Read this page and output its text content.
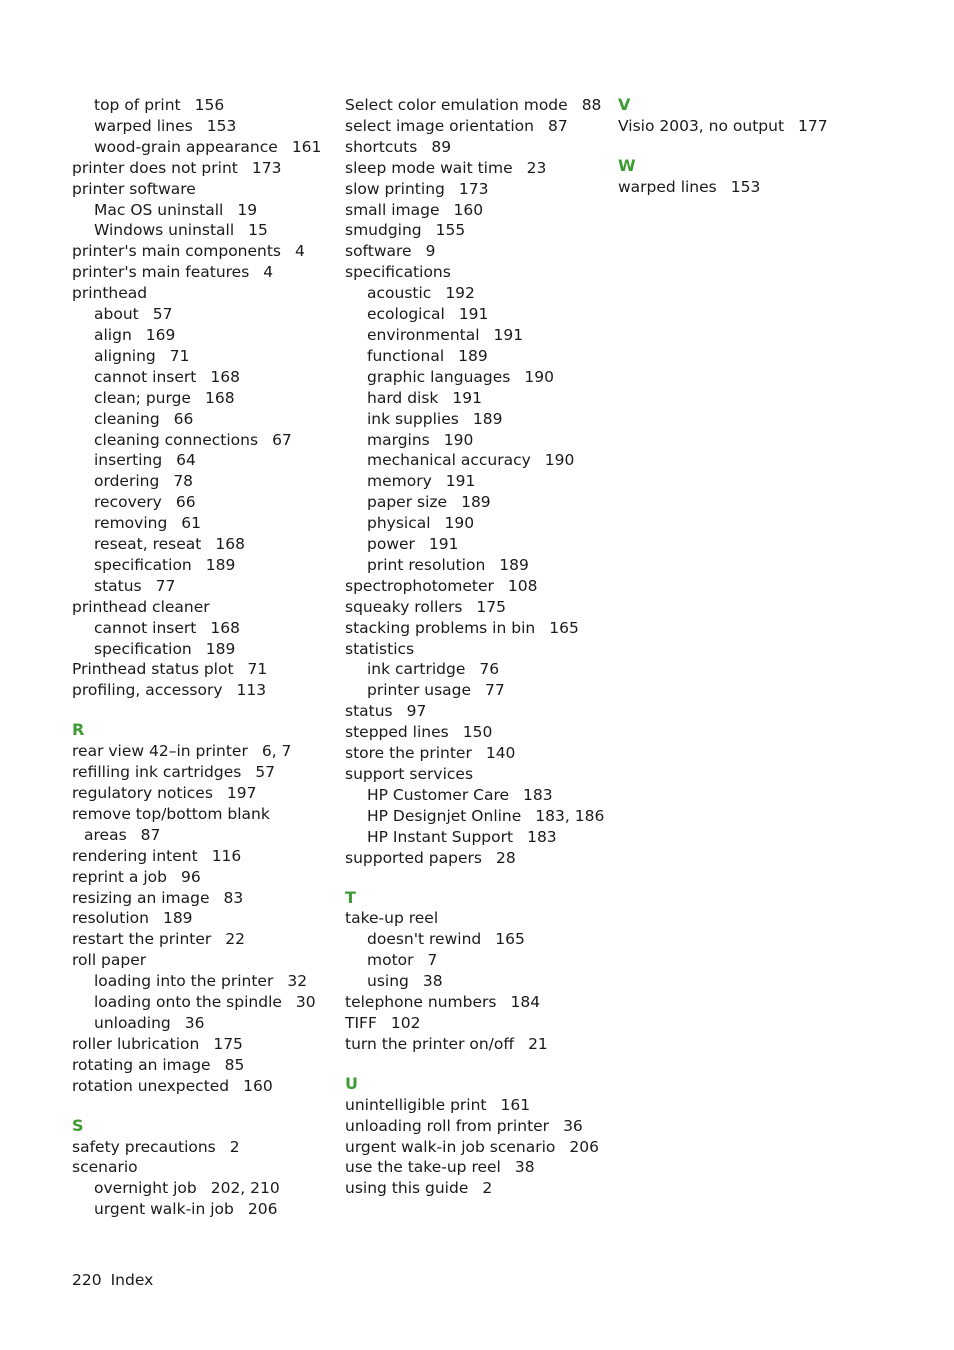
top of print 156
warped lines 153
wood-grain appearance 161
printer does not print 173
printer software
Mac OS uninstall 19
Windows uninstall 15
printer's main components 4
printer's main features 4
printhead
about 57
align 169
aligning 71
cannot insert 168
clean; purge 168
cleaning 66
cleaning connections 67
inserting 64
ordering 78
recovery 66
removing 61
reseat, reseat 168
specification 189
status 77
printhead cleaner
cannot insert 168
specification 189
Printhead status plot 71
profiling, accessory 113
R
rear view 42–in printer 6, 7
refilling ink cartridges 57
regulatory notices 197
remove top/bottom blank areas 87
rendering intent 116
reprint a job 96
resizing an image 83
resolution 189
restart the printer 22
roll paper
loading into the printer 32
loading onto the spindle 30
unloading 36
roller lubrication 175
rotating an image 85
rotation unexpected 160
S
safety precautions 2
scenario
overnight job 202, 210
urgent walk-in job 206
Select color emulation mode 88
select image orientation 87
shortcuts 89
sleep mode wait time 23
slow printing 173
small image 160
smudging 155
software 9
specifications
acoustic 192
ecological 191
environmental 191
functional 189
graphic languages 190
hard disk 191
ink supplies 189
margins 190
mechanical accuracy 190
memory 191
paper size 189
physical 190
power 191
print resolution 189
spectrophotometer 108
squeaky rollers 175
stacking problems in bin 165
statistics
ink cartridge 76
printer usage 77
status 97
stepped lines 150
store the printer 140
support services
HP Customer Care 183
HP Designjet Online 183, 186
HP Instant Support 183
supported papers 28
T
take-up reel
doesn't rewind 165
motor 7
using 38
telephone numbers 184
TIFF 102
turn the printer on/off 21
U
unintelligible print 161
unloading roll from printer 36
urgent walk-in job scenario 206
use the take-up reel 38
using this guide 2
V
Visio 2003, no output 177
W
warped lines 153
220 Index
